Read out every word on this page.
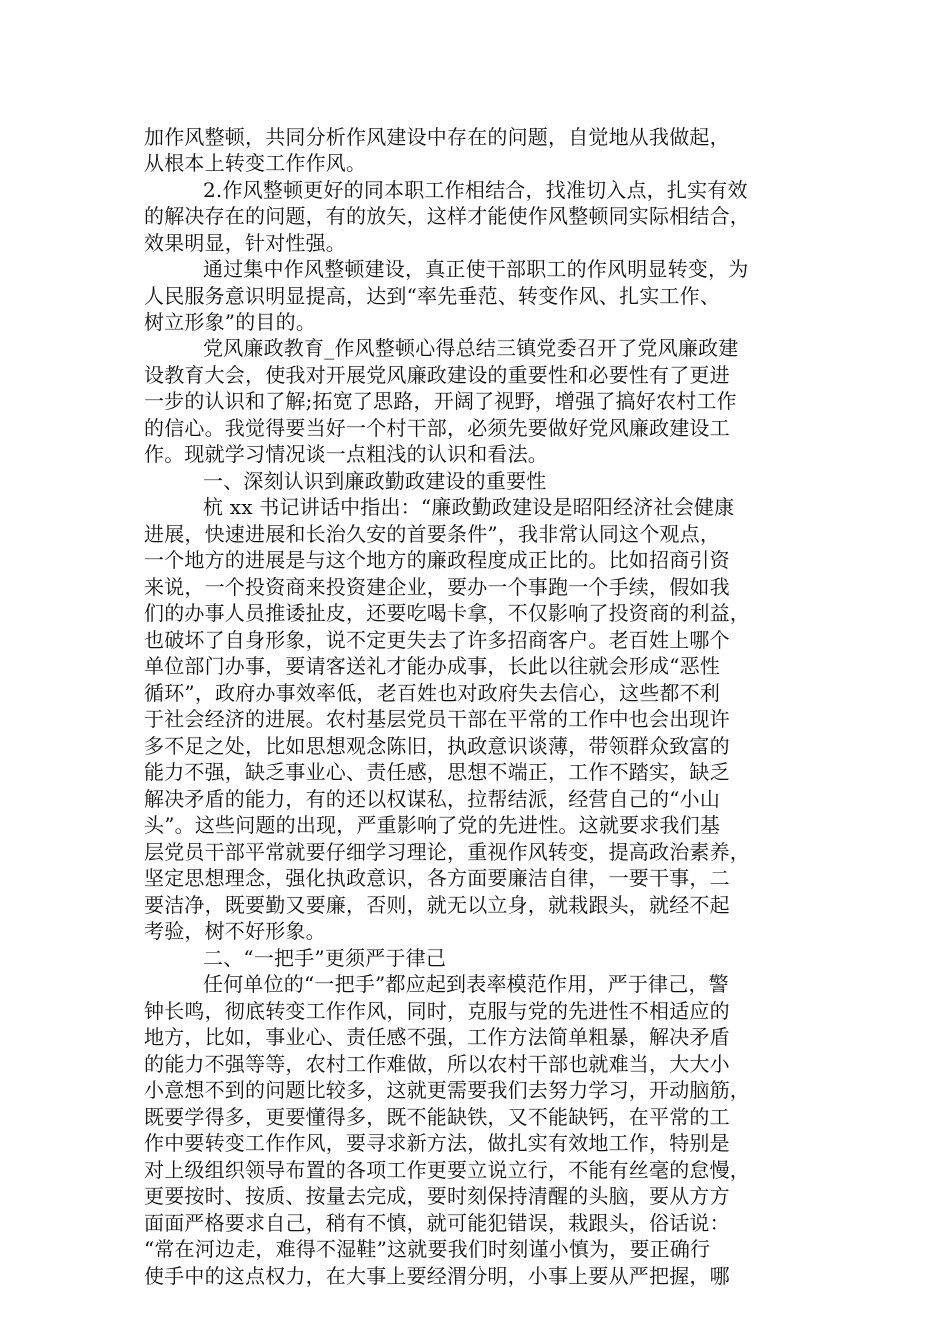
加作风整顿，共同分析作风建设中存在的问题，自觉地从我做起，
从根本上转变工作作风。
2.作风整顿更好的同本职工作相结合，找准切入点，扎实有效
的解决存在的问题，有的放矢，这样才能使作风整顿同实际相结合，
效果明显，针对性强。
通过集中作风整顿建设，真正使干部职工的作风明显转变，为
人民服务意识明显提高，达到“率先垂范、转变作风、扎实工作、
树立形象”的目的。
党风廉政教育_作风整顿心得总结三镇党委召开了党风廉政建
设教育大会，使我对开展党风廉政建设的重要性和必要性有了更进
一步的认识和了解;拓宽了思路，开阔了视野，增强了搞好农村工作
的信心。我觉得要当好一个村干部，必须先要做好党风廉政建设工
作。现就学习情况谈一点粗浅的认识和看法。
一、深刻认识到廉政勤政建设的重要性
杭 xx 书记讲话中指出：“廉政勤政建设是昭阳经济社会健康
进展，快速进展和长治久安的首要条件”，我非常认同这个观点，
一个地方的进展是与这个地方的廉政程度成正比的。比如招商引资
来说，一个投资商来投资建企业，要办一个事跑一个手续，假如我
们的办事人员推诿扯皮，还要吃喝卡拿，不仅影响了投资商的利益，
也破坏了自身形象，说不定更失去了许多招商客户。老百姓上哪个
单位部门办事，要请客送礼才能办成事，长此以往就会形成“恶性
循环”，政府办事效率低，老百姓也对政府失去信心，这些都不利
于社会经济的进展。农村基层党员干部在平常的工作中也会出现许
多不足之处，比如思想观念陈旧，执政意识谈薄，带领群众致富的
能力不强，缺乏事业心、责任感，思想不端正，工作不踏实，缺乏
解决矛盾的能力，有的还以权谋私，拉帮结派，经营自己的“小山
头”。这些问题的出现，严重影响了党的先进性。这就要求我们基
层党员干部平常就要仔细学习理论，重视作风转变，提高政治素养，
坚定思想理念，强化执政意识，各方面要廉洁自律，一要干事，二
要洁净，既要勤又要廉，否则，就无以立身，就栽跟头，就经不起
考验，树不好形象。
二、“一把手”更须严于律己
任何单位的“一把手”都应起到表率模范作用，严于律己，警
钟长鸣，彻底转变工作作风，同时，克服与党的先进性不相适应的
地方，比如，事业心、责任感不强，工作方法简单粗暴，解决矛盾
的能力不强等等，农村工作难做，所以农村干部也就难当，大大小
小意想不到的问题比较多，这就更需要我们去努力学习，开动脑筋，
既要学得多，更要懂得多，既不能缺铁，又不能缺钙，在平常的工
作中要转变工作作风，要寻求新方法，做扎实有效地工作，特别是
对上级组织领导布置的各项工作更要立说立行，不能有丝毫的怠慢，
更要按时、按质、按量去完成，要时刻保持清醒的头脑，要从方方
面面严格要求自己，稍有不慎，就可能犯错误，栽跟头，俗话说：
“常在河边走，难得不湿鞋”这就要我们时刻谨小慎为，要正确行
使手中的这点权力，在大事上要经渭分明，小事上要从严把握，哪
